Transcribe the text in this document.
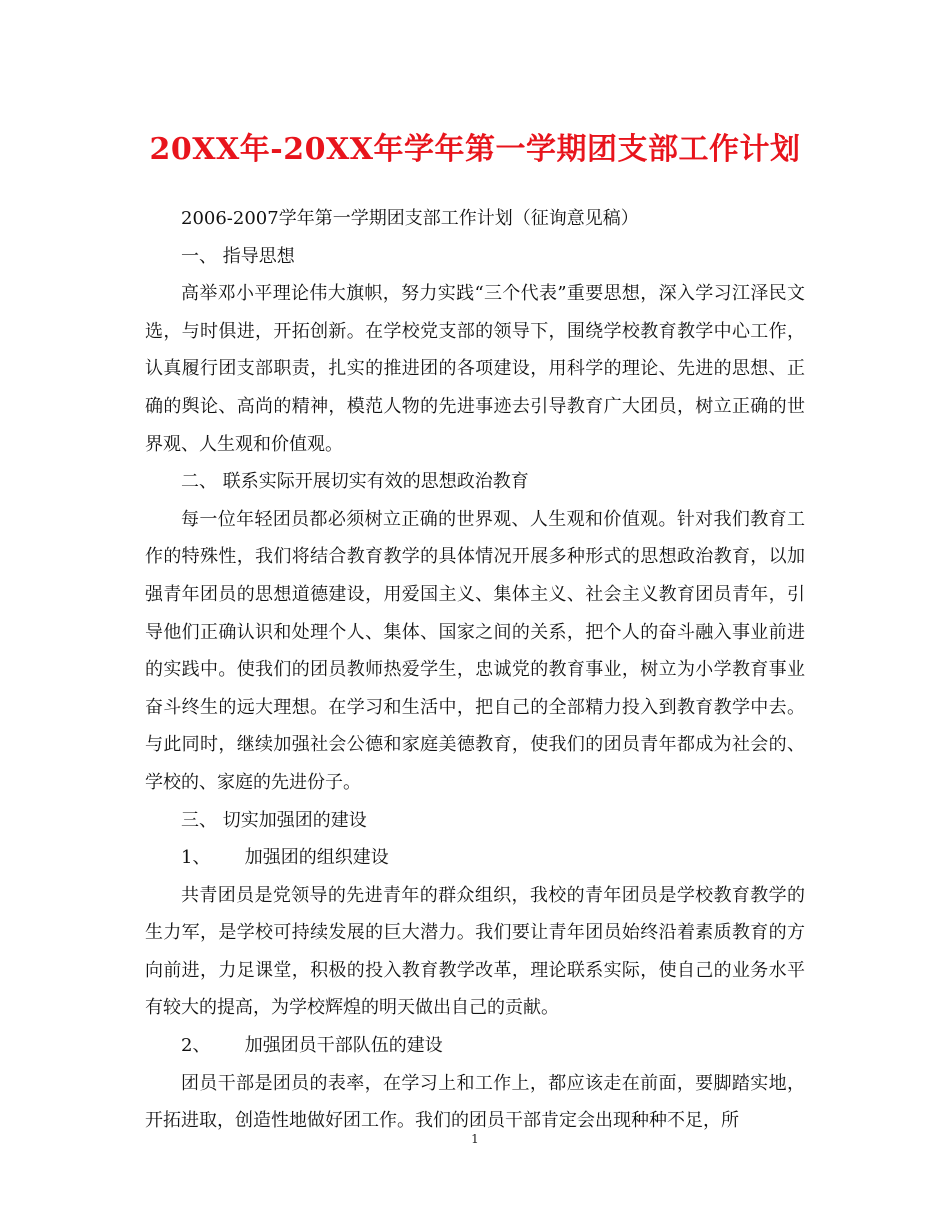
20XX年-20XX年学年第一学期团支部工作计划

2006-2007学年第一学期团支部工作计划（征询意见稿）

一、 指导思想

高举邓小平理论伟大旗帜，努力实践“三个代表”重要思想，深入学习江泽民文选，与时俱进，开拓创新。在学校党支部的领导下，围绕学校教育教学中心工作，认真履行团支部职责，扎实的推进团的各项建设，用科学的理论、先进的思想、正确的舆论、高尚的精神，模范人物的先进事迹去引导教育广大团员，树立正确的世界观、人生观和价值观。

二、 联系实际开展切实有效的思想政治教育

每一位年轻团员都必须树立正确的世界观、人生观和价值观。针对我们教育工作的特殊性，我们将结合教育教学的具体情况开展多种形式的思想政治教育，以加强青年团员的思想道德建设，用爱国主义、集体主义、社会主义教育团员青年，引导他们正确认识和处理个人、集体、国家之间的关系，把个人的奋斗融入事业前进的实践中。使我们的团员教师热爱学生，忠诚党的教育事业，树立为小学教育事业奋斗终生的远大理想。在学习和生活中，把自己的全部精力投入到教育教学中去。与此同时，继续加强社会公德和家庭美德教育，使我们的团员青年都成为社会的、学校的、家庭的先进份子。

三、 切实加强团的建设

1、      加强团的组织建设

共青团员是党领导的先进青年的群众组织，我校的青年团员是学校教育教学的生力军，是学校可持续发展的巨大潜力。我们要让青年团员始终沿着素质教育的方向前进，力足课堂，积极的投入教育教学改革，理论联系实际，使自己的业务水平有较大的提高，为学校辉煌的明天做出自己的贡献。

2、      加强团员干部队伍的建设

团员干部是团员的表率，在学习上和工作上，都应该走在前面，要脚踏实地，开拓进取，创造性地做好团工作。我们的团员干部肯定会出现种种不足，所

1
